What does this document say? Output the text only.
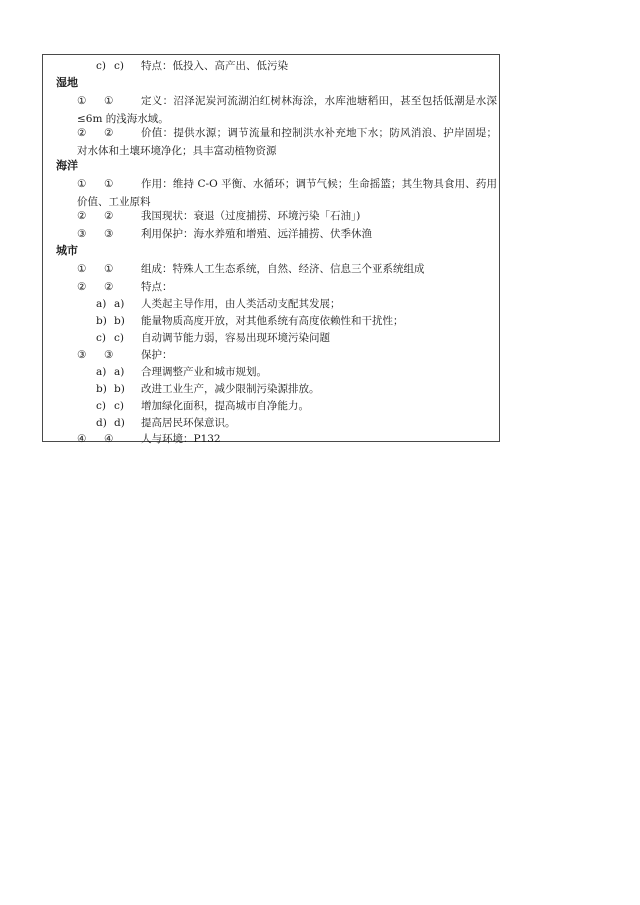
c) c) 特点：低投入、高产出、低污染
湿地
① ①	定义：沼泽泥炭河流湖泊红树林海涂，水库池塘稻田，甚至包括低潮是水深≤6m 的浅海水域。
② ②	价值：提供水源；调节流量和控制洪水补充地下水；防风消浪、护岸固堤；对水体和土壤环境净化；具丰富动植物资源
海洋
① ①	作用：维持 C-O 平衡、水循环；调节气候；生命摇篮；其生物具食用、药用价值、工业原料
② ②	我国现状：衰退（过度捕捞、环境污染「石油」)
③ ③	利用保护：海水养殖和增殖、远洋捕捞、伏季休渔
城市
① ①	组成：特殊人工生态系统，自然、经济、信息三个亚系统组成
② ②	特点：
a) a) 人类起主导作用，由人类活动支配其发展；
b) b) 能量物质高度开放，对其他系统有高度依赖性和干扰性；
c) c) 自动调节能力弱，容易出现环境污染问题
③ ③	保护：
a) a) 合理调整产业和城市规划。
b) b) 改进工业生产，减少限制污染源排放。
c) c) 增加绿化面积，提高城市自净能力。
d) d) 提高居民环保意识。
④ ④	人与环境：P132
